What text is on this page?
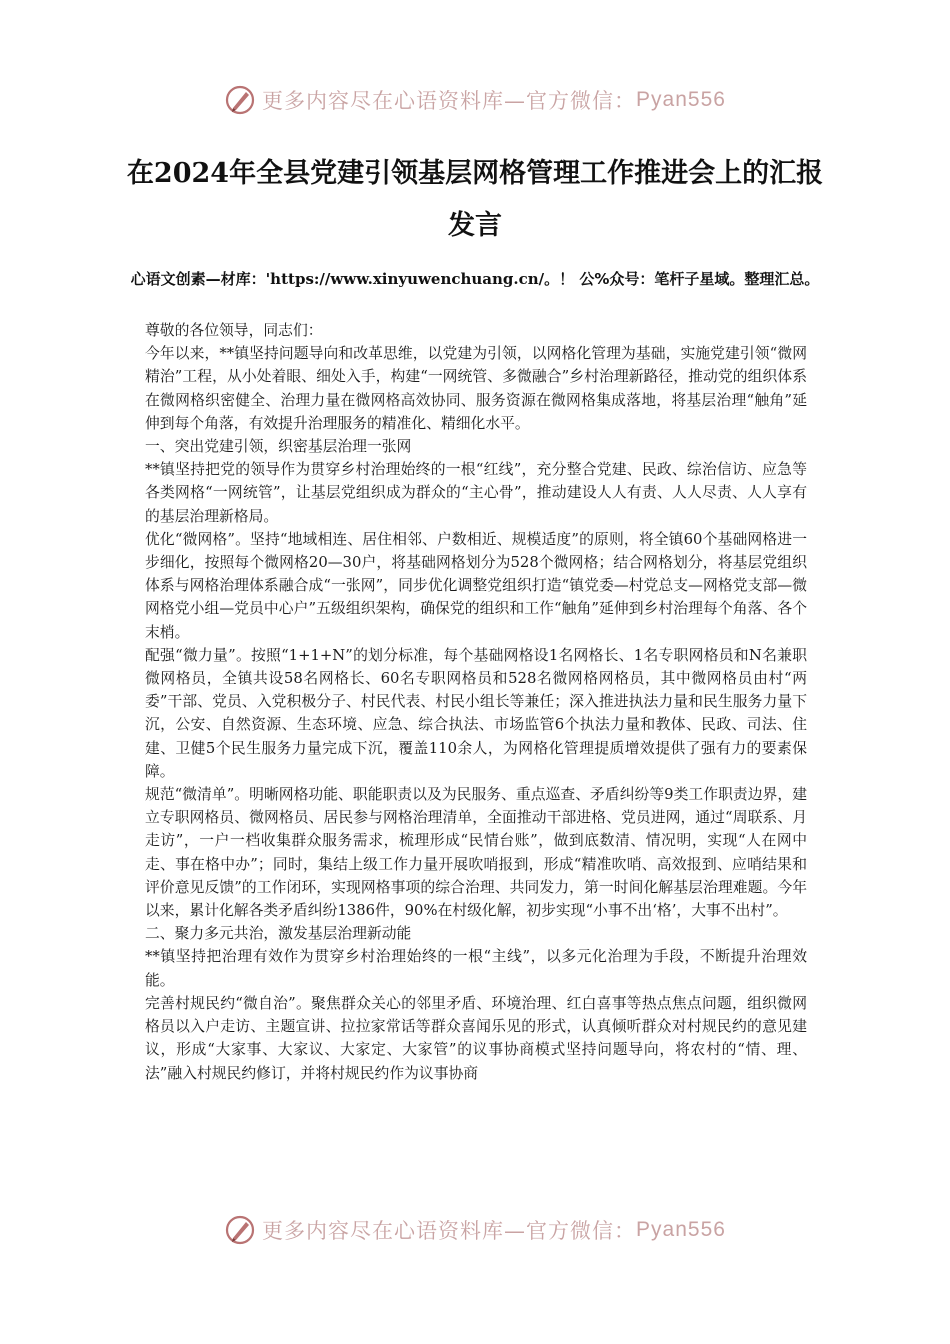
更多内容尽在心语资料库—官方微信： Pyan556
在2024年全县党建引领基层网格管理工作推进会上的汇报发言
心语文创素—材库：'https://www.xinyuwenchuang.cn/。！ 公%众号：笔杆子星域。整理汇总。

尊敬的各位领导，同志们：

今年以来，**镇坚持问题导向和改革思维，以党建为引领，以网格化管理为基础，实施党建引领“微网精治”工程，从小处着眼、细处入手，构建“一网统管、多微融合”乡村治理新路径，推动党的组织体系在微网格织密健全、治理力量在微网格高效协同、服务资源在微网格集成落地，将基层治理“触角”延伸到每个角落，有效提升治理服务的精准化、精细化水平。

一、突出党建引领，织密基层治理一张网

**镇坚持把党的领导作为贯穿乡村治理始终的一根“红线”，充分整合党建、民政、综治信访、应急等各类网格“一网统管”，让基层党组织成为群众的“主心骨”，推动建设人人有责、人人尽责、人人享有的基层治理新格局。

优化“微网格”。坚持“地域相连、居住相邻、户数相近、规模适度”的原则，将全镇60个基础网格进一步细化，按照每个微网格20—30户，将基础网格划分为528个微网格；结合网格划分，将基层党组织体系与网格治理体系融合成“一张网”，同步优化调整党组织打造“镇党委—村党总支—网格党支部—微网格党小组—党员中心户”五级组织架构，确保党的组织和工作“触角”延伸到乡村治理每个角落、各个末梢。

配强“微力量”。按照“1+1+N”的划分标准，每个基础网格设1名网格长、1名专职网格员和N名兼职微网格员，全镇共设58名网格长、60名专职网格员和528名微网格网格员，其中微网格员由村“两委”干部、党员、入党积极分子、村民代表、村民小组长等兼任；深入推进执法力量和民生服务力量下沉，公安、自然资源、生态环境、应急、综合执法、市场监管6个执法力量和教体、民政、司法、住建、卫健5个民生服务力量完成下沉，覆盖110余人，为网格化管理提质增效提供了强有力的要素保障。

规范“微清单”。明晰网格功能、职能职责以及为民服务、重点巡查、矛盾纠纷等9类工作职责边界，建立专职网格员、微网格员、居民参与网格治理清单，全面推动干部进格、党员进网，通过“周联系、月走访”，一户一档收集群众服务需求，梳理形成“民情台账”，做到底数清、情况明，实现“人在网中走、事在格中办”；同时，集结上级工作力量开展吹哨报到，形成“精准吹哨、高效报到、应哨结果和评价意见反馈”的工作闭环，实现网格事项的综合治理、共同发力，第一时间化解基层治理难题。今年以来，累计化解各类矛盾纠纷1386件，90%在村级化解，初步实现“小事不出‘格’，大事不出村”。

二、聚力多元共治，激发基层治理新动能

**镇坚持把治理有效作为贯穿乡村治理始终的一根“主线”，以多元化治理为手段，不断提升治理效能。

完善村规民约“微自治”。聚焦群众关心的邻里矛盾、环境治理、红白喜事等热点焦点问题，组织微网格员以入户走访、主题宣讲、拉拉家常话等群众喜闻乐见的形式，认真倾听群众对村规民约的意见建议，形成“大家事、大家议、大家定、大家管”的议事协商模式坚持问题导向，将农村的“情、理、法”融入村规民约修订，并将村规民约作为议事协商

更多内容尽在心语资料库—官方微信： Pyan556
